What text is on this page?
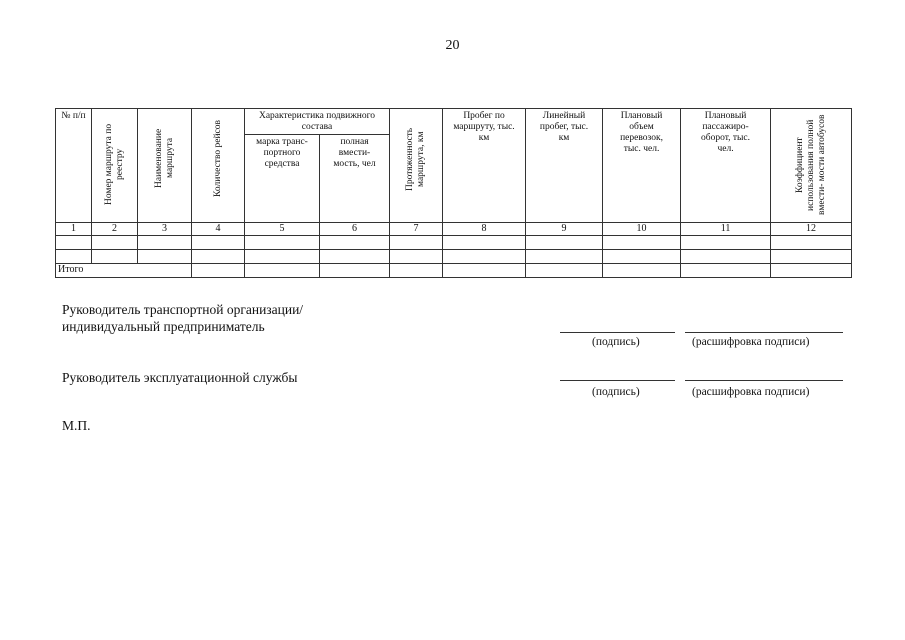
20
№ п/п	Номер маршрута по реестру	Наименование маршрута	Количество рейсов	Характеристика подвижного состава		Протяженность маршрута, км	Пробег по маршруту, тыс. км	Линейный пробег, тыс. км	Плановый объем перевозок, тыс. чел.	Плановый пассажиро- оборот, тыс. чел.	Коэффициент использования полной вмести- мости автобусов

				марка транс- портного средства	полная вмести- мость, чел						

1	2	3	4	5	6	7	8	9	10	11	12

Итого											
Руководитель транспортной организации/
индивидуальный предприниматель
(подпись)	(расшифровка подписи)
Руководитель эксплуатационной службы
(подпись)	(расшифровка подписи)
М.П.
